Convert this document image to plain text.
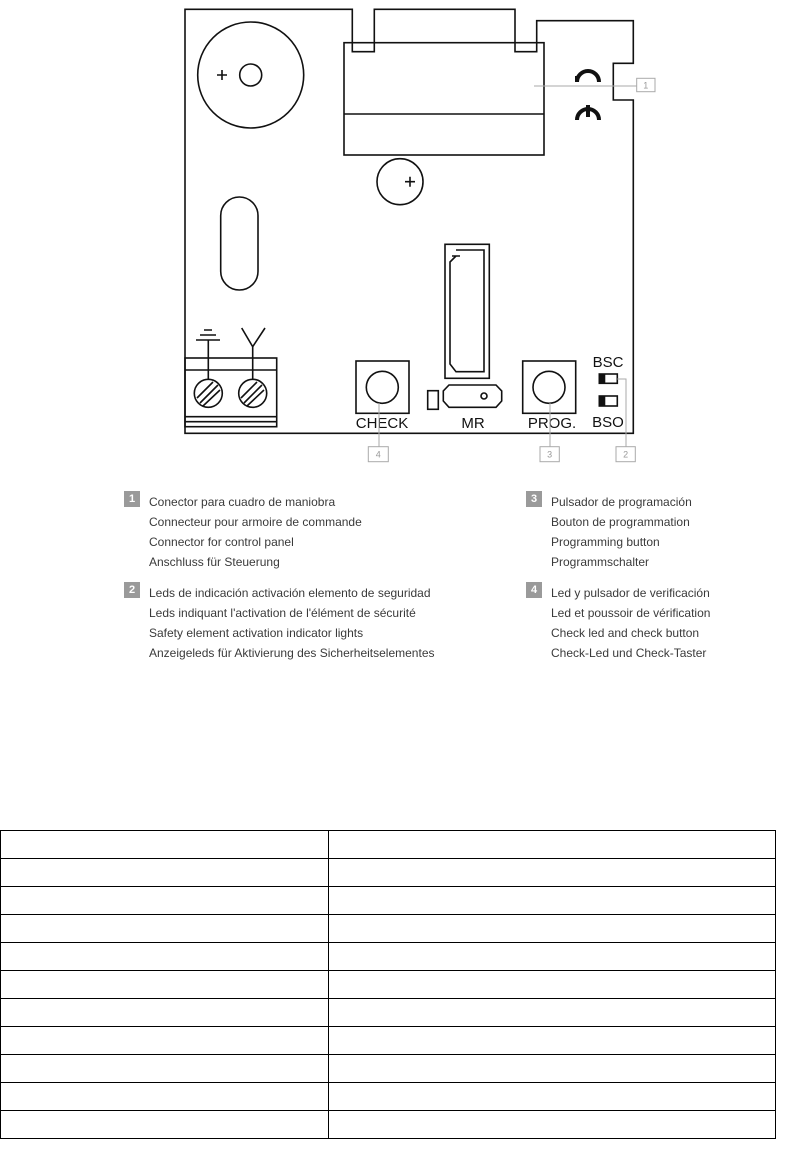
CHECK	MR	PROG.
BSC
BSO
1
2
3
4
1	Conector para cuadro de maniobra
Connecteur pour armoire de commande
Connector for control panel
Anschluss für Steuerung
2	Leds de indicación activación elemento de seguridad
Leds indiquant l'activation de l'élément de sécurité
Safety element activation indicator lights
Anzeigeleds für Aktivierung des Sicherheitselementes
3	Pulsador de programación
Bouton de programmation
Programming button
Programmschalter
4	Led y pulsador de verificación
Led et poussoir de vérification
Check led and check button
Check-Led und Check-Taster
